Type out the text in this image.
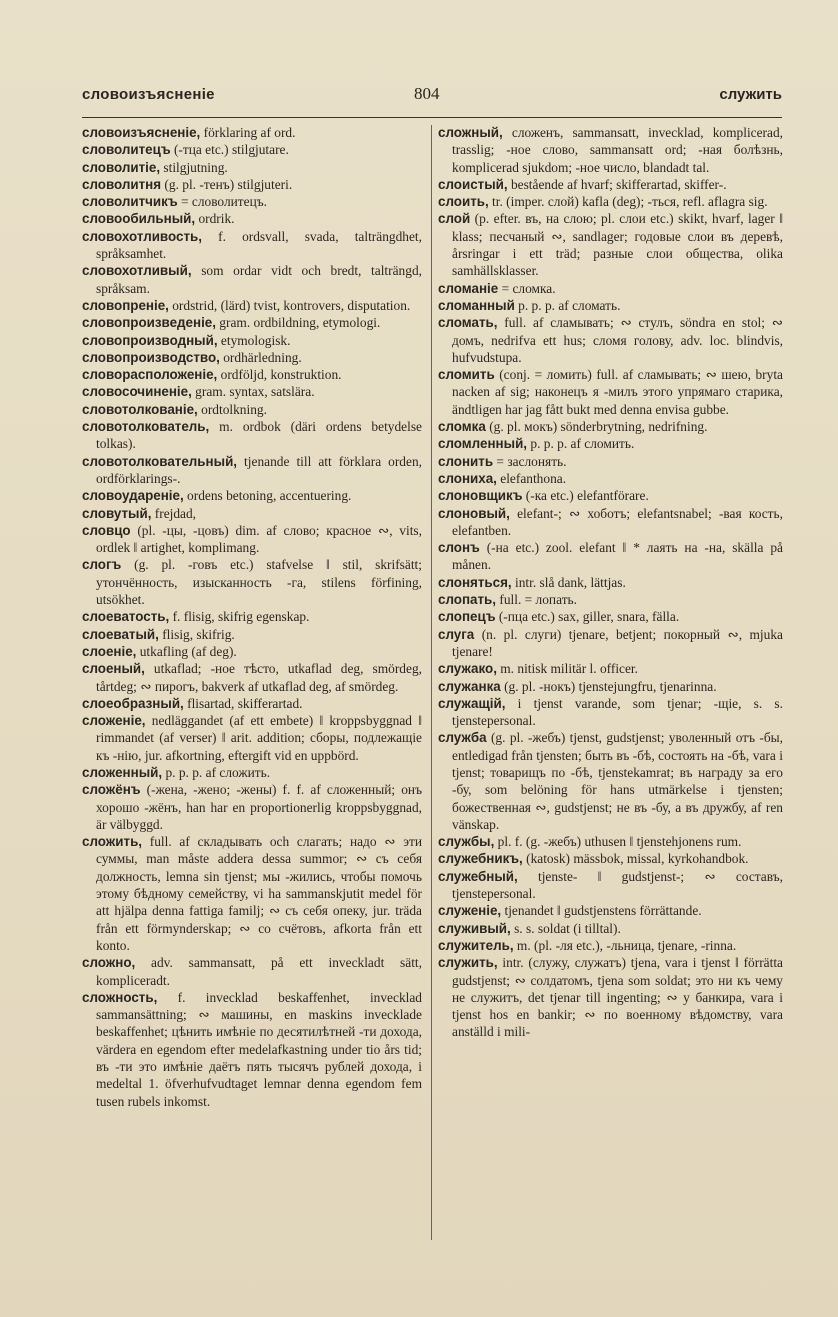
словоизъясненіе	804	служить

словоизъясненіе, förklaring af ord.

словолитецъ (-тца etc.) stilgjutare.

словолитіе, stilgjutning.

словолитня (g. pl. -тенъ) stilgjuteri.

словолитчикъ = словолитецъ.

словообильный, ordrik.

словохотливость, f. ordsvall, svada, talträngdhet, språksamhet.

словохотливый, som ordar vidt och bredt, talträngd, språksam.

словопреніе, ordstrid, (lärd) tvist, kontrovers, disputation.

словопроизведеніе, gram. ordbildning, etymologi.

словопроизводный, etymologisk.

словопроизводство, ordhärledning.

словорасположеніе, ordföljd, konstruktion.

словосочиненіе, gram. syntax, satslära.

словотолкованіе, ordtolkning.

словотолкователь, m. ordbok (däri ordens betydelse tolkas).

словотолковательный, tjenande till att förklara orden, ordförklarings-.

словоудареніе, ordens betoning, accentuering.

словутый, frejdad,

словцо (pl. -цы, -цовъ) dim. af слово; красное ∾, vits, ordlek ‖ artighet, komplimang.

слогъ (g. pl. -говъ etc.) stafvelse ‖ stil, skrifsätt; утончённость, изысканность -га, stilens förfining, utsökhet.

слоеватость, f. flisig, skifrig egenskap.

слоеватый, flisig, skifrig.

слоеніе, utkafling (af deg).

слоеный, utkaflad; -ное тѣсто, utkaflad deg, smördeg, tårtdeg; ∾ пирогъ, bakverk af utkaflad deg, af smördeg.

слоеобразный, flisartad, skifferartad.

сложеніе, nedläggandet (af ett embete) ‖ kroppsbyggnad ‖ rimmandet (af verser) ‖ arit. addition; сборы, подлежащіе къ -нію, jur. afkortning, eftergift vid en uppbörd.

сложенный, p. p. p. af сложить.

сложёнъ (-жена, -жено; -жены) f. f. af сложенный; онъ хорошо -жёнъ, han har en proportionerlig kroppsbyggnad, är välbyggd.

сложить, full. af складывать och слагать; надо ∾ эти суммы, man måste addera dessa summor; ∾ съ себя должность, lemna sin tjenst; мы -жились, чтобы помочь этому бѣдному семейству, vi ha sammanskjutit medel för att hjälpa denna fattiga familj; ∾ съ себя опеку, jur. träda från ett förmynderskap; ∾ со счётовъ, afkorta från ett konto.

сложно, adv. sammansatt, på ett inveckladt sätt, kompliceradt.

сложность, f. invecklad beskaffenhet, invecklad sammansättning; ∾ машины, en maskins invecklade beskaffenhet; цѣнить имѣніе по десятилѣтней -ти дохода, värdera en egendom efter medelafkastning under tio års tid; въ -ти это имѣніе даётъ пять тысячъ рублей дохода, i medeltal 1. öfverhufvudtaget lemnar denna egendom fem tusen rubels inkomst.

сложный, сложенъ, sammansatt, invecklad, komplicerad, trasslig; -ное слово, sammansatt ord; -ная болѣзнь, komplicerad sjukdom; -ное число, blandadt tal.

слоистый, bestående af hvarf; skifferartad, skiffer-.

слоить, tr. (imper. слой) kafla (deg); -ться, refl. aflagra sig.

слой (p. efter. въ, на слою; pl. слои etc.) skikt, hvarf, lager ‖ klass; песчаный ∾, sandlager; годовые слои въ деревѣ, årsringar i ett träd; разные слои общества, olika samhällsklasser.

сломаніе = сломка.

сломанный p. p. p. af сломать.

сломать, full. af сламывать; ∾ стулъ, söndra en stol; ∾ домъ, nedrifva ett hus; сломя голову, adv. loc. blindvis, hufvudstupa.

сломить (conj. = ломить) full. af сламывать; ∾ шею, bryta nacken af sig; наконецъ я -милъ этого упрямаго старика, ändtligen har jag fått bukt med denna envisa gubbe.

сломка (g. pl. мокъ) sönderbrytning, nedrifning.

сломленный, p. p. p. af сломить.

слонить = заслонять.

слониха, elefanthona.

слоновщикъ (-ка etc.) elefantförare.

слоновый, elefant-; ∾ хоботъ; elefantsnabel; -вая кость, elefantben.

слонъ (-на etc.) zool. elefant ‖ * лаять на -на, skälla på månen.

слоняться, intr. slå dank, lättjas.

слопать, full. = лопать.

слопецъ (-пца etc.) sax, giller, snara, fälla.

слуга (n. pl. слуги) tjenare, betjent; покорный ∾, mjuka tjenare!

служако, m. nitisk militär l. officer.

служанка (g. pl. -нокъ) tjenstejungfru, tjenarinna.

служащій, i tjenst varande, som tjenar; -щіе, s. s. tjenstepersonal.

служба (g. pl. -жебъ) tjenst, gudstjenst; уволенный отъ -бы, entledigad från tjensten; быть въ -бѣ, состоять на -бѣ, vara i tjenst; товарищъ по -бѣ, tjenstekamrat; въ награду за его -бу, som belöning för hans utmärkelse i tjensten; божественная ∾, gudstjenst; не въ -бу, а въ дружбу, af ren vänskap.

службы, pl. f. (g. -жебъ) uthusen ‖ tjenstehjonens rum.

служебникъ, (katosk) mässbok, missal, kyrkohandbok.

служебный, tjenste- ‖ gudstjenst-; ∾ составъ, tjenstepersonal.

служеніе, tjenandet ‖ gudstjenstens förrättande.

служивый, s. s. soldat (i tilltal).

служитель, m. (pl. -ля etc.), -льница, tjenare, -rinna.

служить, intr. (служу, служатъ) tjena, vara i tjenst ‖ förrätta gudstjenst; ∾ солдатомъ, tjena som soldat; это ни къ чему не служитъ, det tjenar till ingenting; ∾ у банкира, vara i tjenst hos en bankir; ∾ по военному вѣдомству, vara anställd i mili-
